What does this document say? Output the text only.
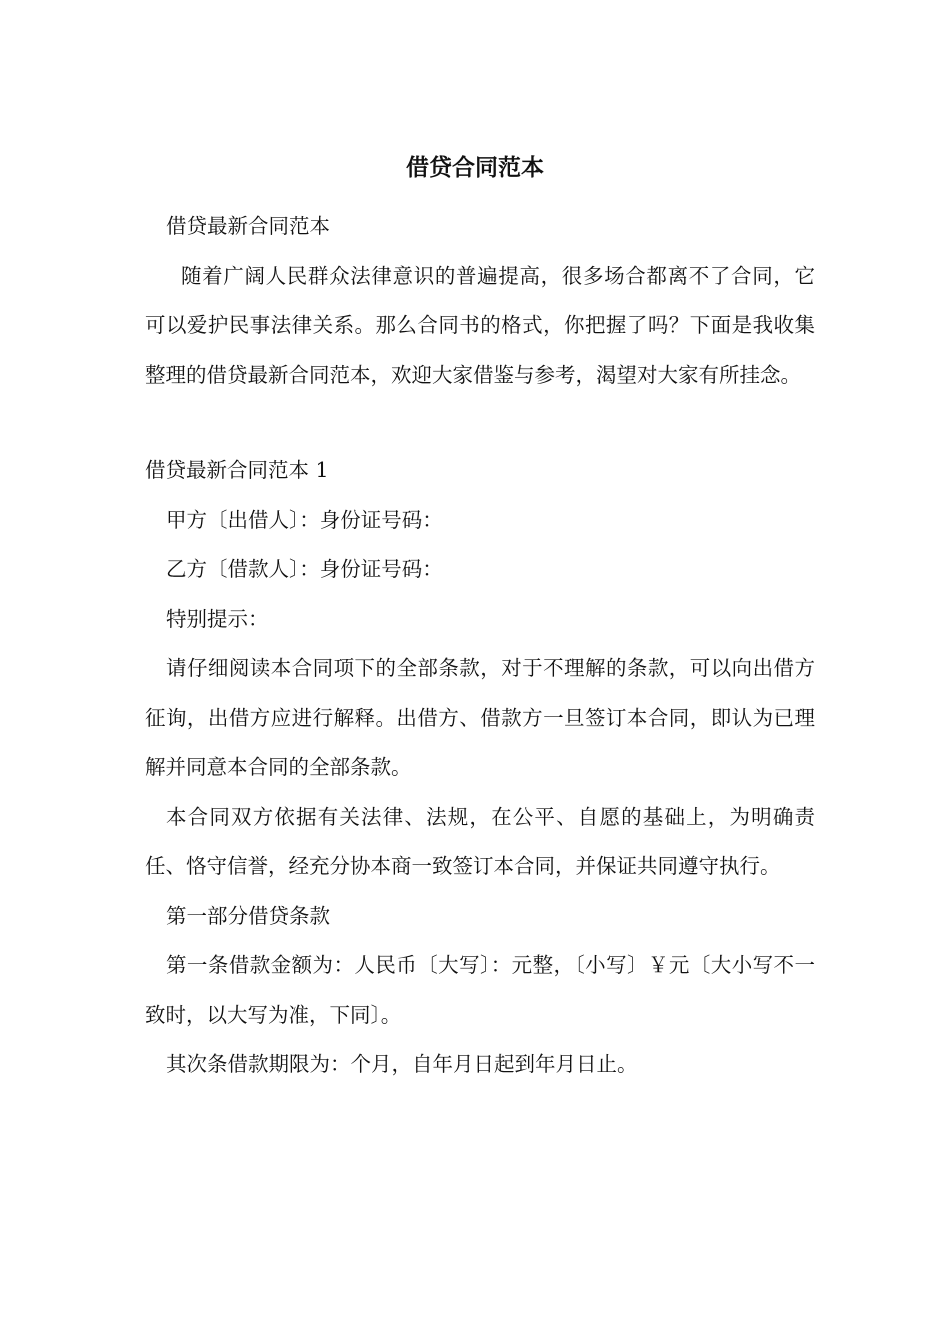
借贷合同范本

借贷最新合同范本

随着广阔人民群众法律意识的普遍提高，很多场合都离不了合同，它可以爱护民事法律关系。那么合同书的格式，你把握了吗？下面是我收集整理的借贷最新合同范本，欢迎大家借鉴与参考，渴望对大家有所挂念。

借贷最新合同范本 1

甲方〔出借人〕：身份证号码：

乙方〔借款人〕：身份证号码：

特别提示：

请仔细阅读本合同项下的全部条款，对于不理解的条款，可以向出借方征询，出借方应进行解释。出借方、借款方一旦签订本合同，即认为已理解并同意本合同的全部条款。

本合同双方依据有关法律、法规，在公平、自愿的基础上，为明确责任、恪守信誉，经充分协本商一致签订本合同，并保证共同遵守执行。

第一部分借贷条款

第一条借款金额为：人民币〔大写〕：元整，〔小写〕￥元〔大小写不一致时，以大写为准，下同〕。

其次条借款期限为：个月，自年月日起到年月日止。
